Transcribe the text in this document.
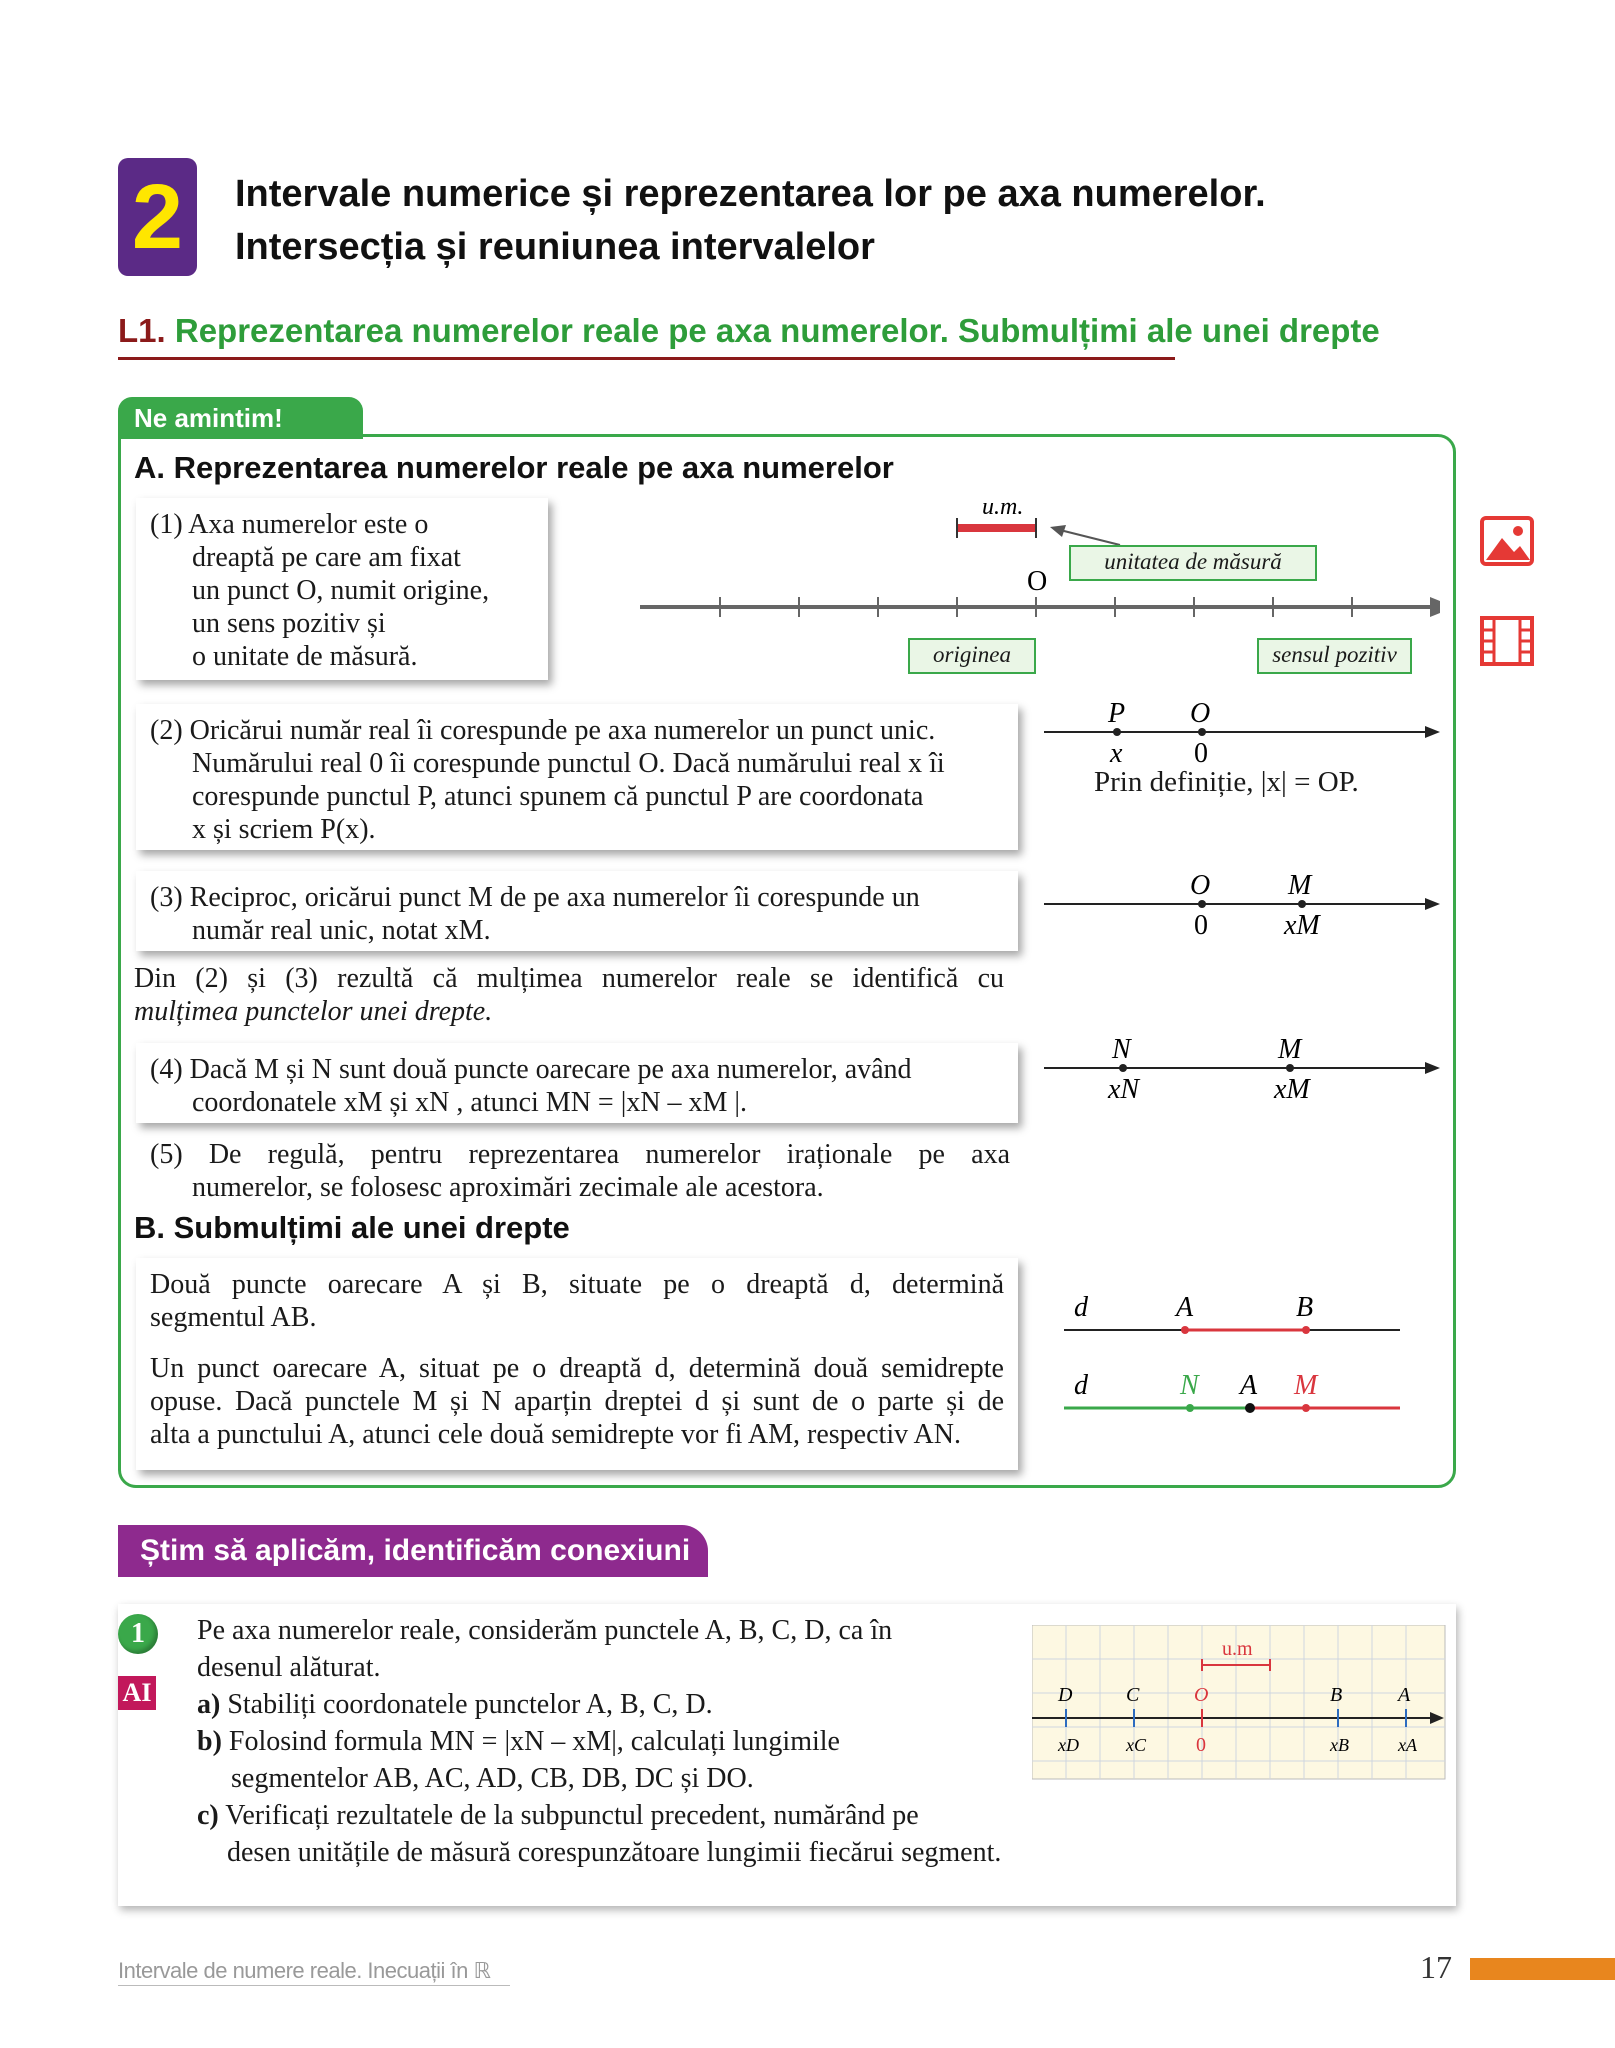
2	Intervale numerice și reprezentarea lor pe axa numerelor.
Intersecția și reuniunea intervalelor
L1. Reprezentarea numerelor reale pe axa numerelor. Submulțimi ale unei drepte
Ne amintim!
A. Reprezentarea numerelor reale pe axa numerelor

(1) Axa numerelor este o

dreaptă pe care am fixat

un punct O, numit origine,

un sens pozitiv și

o unitate de măsură.

O
u.m.
unitatea de măsură
originea	sensul pozitiv

(2) Oricărui număr real îi corespunde pe axa numerelor un punct unic.

Numărului real 0 îi corespunde punctul O. Dacă numărului real x îi

corespunde punctul P, atunci spunem că punctul P are coordonata

x și scriem P(x).

P O
x	0
Prin definiție, |x| = OP.

(3) Reciproc, oricărui punct M de pe axa numerelor îi corespunde un

număr real unic, notat xM.

O	M
0	xM
Din (2) și (3) rezultă că mulțimea numerelor reale se identifică cu
mulțimea punctelor unei drepte.

(4) Dacă M și N sunt două puncte oarecare pe axa numerelor, având

coordonatele xM și xN , atunci MN = |xN – xM |.

N	M
xN	xM
(5) De regulă, pentru reprezentarea numerelor iraționale pe axa
numerelor, se folosesc aproximări zecimale ale acestora.
B. Submulțimi ale unei drepte

Două puncte oarecare A și B, situate pe o dreaptă d, determină

segmentul AB.

Un punct oarecare A, situat pe o dreaptă d, determină două semidrepte

opuse. Dacă punctele M și N aparțin dreptei d și sunt de o parte și de

alta a punctului A, atunci cele două semidrepte vor fi AM, respectiv AN.

d	A	B
d	N A M
Știm să aplicăm, identificăm conexiuni
1
AI

Pe axa numerelor reale, considerăm punctele A, B, C, D, ca în

desenul alăturat.

a) Stabiliți coordonatele punctelor A, B, C, D.

b) Folosind formula MN = |xN – xM|, calculați lungimile

segmentelor AB, AC, AD, CB, DB, DC și DO.

c) Verificați rezultatele de la subpunctul precedent, numărând pe

desen unitățile de măsură corespunzătoare lungimii fiecărui segment.

u.m
D	C	O	B	A
xD	xC	0	xB	xA
Intervale de numere reale. Inecuații în ℝ	17
